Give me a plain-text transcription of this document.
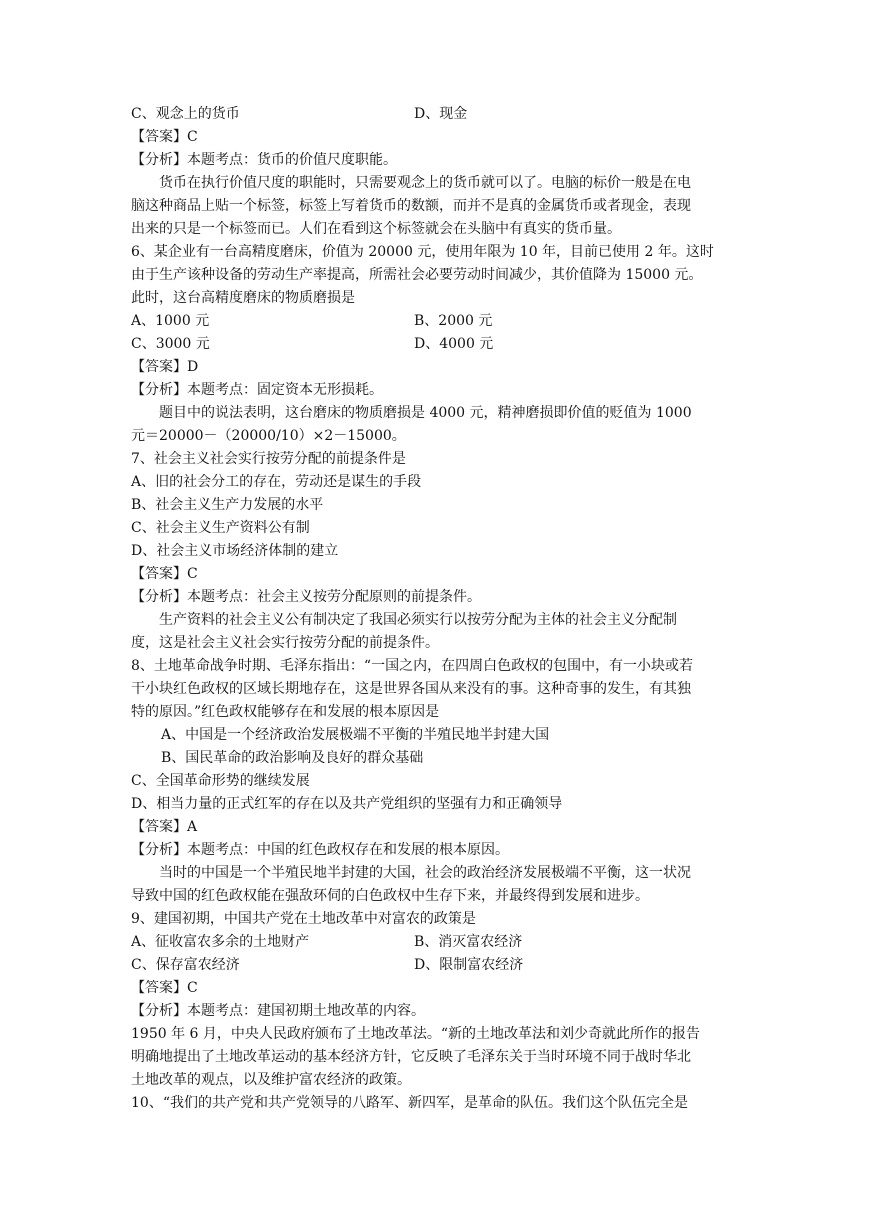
C、观念上的货币	D、现金
【答案】C
【分析】本题考点：货币的价值尺度职能。
货币在执行价值尺度的职能时，只需要观念上的货币就可以了。电脑的标价一般是在电
脑这种商品上贴一个标签，标签上写着货币的数额，而并不是真的金属货币或者现金，表现
出来的只是一个标签而已。人们在看到这个标签就会在头脑中有真实的货币量。
6、某企业有一台高精度磨床，价值为 20000 元，使用年限为 10 年，目前已使用 2 年。这时
由于生产该种设备的劳动生产率提高，所需社会必要劳动时间减少，其价值降为 15000 元。
此时，这台高精度磨床的物质磨损是
A、1000 元	B、2000 元
C、3000 元	D、4000 元
【答案】D
【分析】本题考点：固定资本无形损耗。
题目中的说法表明，这台磨床的物质磨损是 4000 元，精神磨损即价值的贬值为 1000
元＝20000－（20000/10）×2－15000。
7、社会主义社会实行按劳分配的前提条件是
A、旧的社会分工的存在，劳动还是谋生的手段
B、社会主义生产力发展的水平
C、社会主义生产资料公有制
D、社会主义市场经济体制的建立
【答案】C
【分析】本题考点：社会主义按劳分配原则的前提条件。
生产资料的社会主义公有制决定了我国必须实行以按劳分配为主体的社会主义分配制
度，这是社会主义社会实行按劳分配的前提条件。
8、土地革命战争时期、毛泽东指出：“一国之内，在四周白色政权的包围中，有一小块或若
干小块红色政权的区域长期地存在，这是世界各国从来没有的事。这种奇事的发生，有其独
特的原因。”红色政权能够存在和发展的根本原因是
A、中国是一个经济政治发展极端不平衡的半殖民地半封建大国
B、国民革命的政治影响及良好的群众基础
C、全国革命形势的继续发展
D、相当力量的正式红军的存在以及共产党组织的坚强有力和正确领导
【答案】A
【分析】本题考点：中国的红色政权存在和发展的根本原因。
当时的中国是一个半殖民地半封建的大国，社会的政治经济发展极端不平衡，这一状况
导致中国的红色政权能在强敌环伺的白色政权中生存下来，并最终得到发展和进步。
9、建国初期，中国共产党在土地改革中对富农的政策是
A、征收富农多余的土地财产	B、消灭富农经济
C、保存富农经济	D、限制富农经济
【答案】C
【分析】本题考点：建国初期土地改革的内容。
1950 年 6 月，中央人民政府颁布了土地改革法。“新的土地改革法和刘少奇就此所作的报告
明确地提出了土地改革运动的基本经济方针，它反映了毛泽东关于当时环境不同于战时华北
土地改革的观点，以及维护富农经济的政策。
10、“我们的共产党和共产党领导的八路军、新四军，是革命的队伍。我们这个队伍完全是
